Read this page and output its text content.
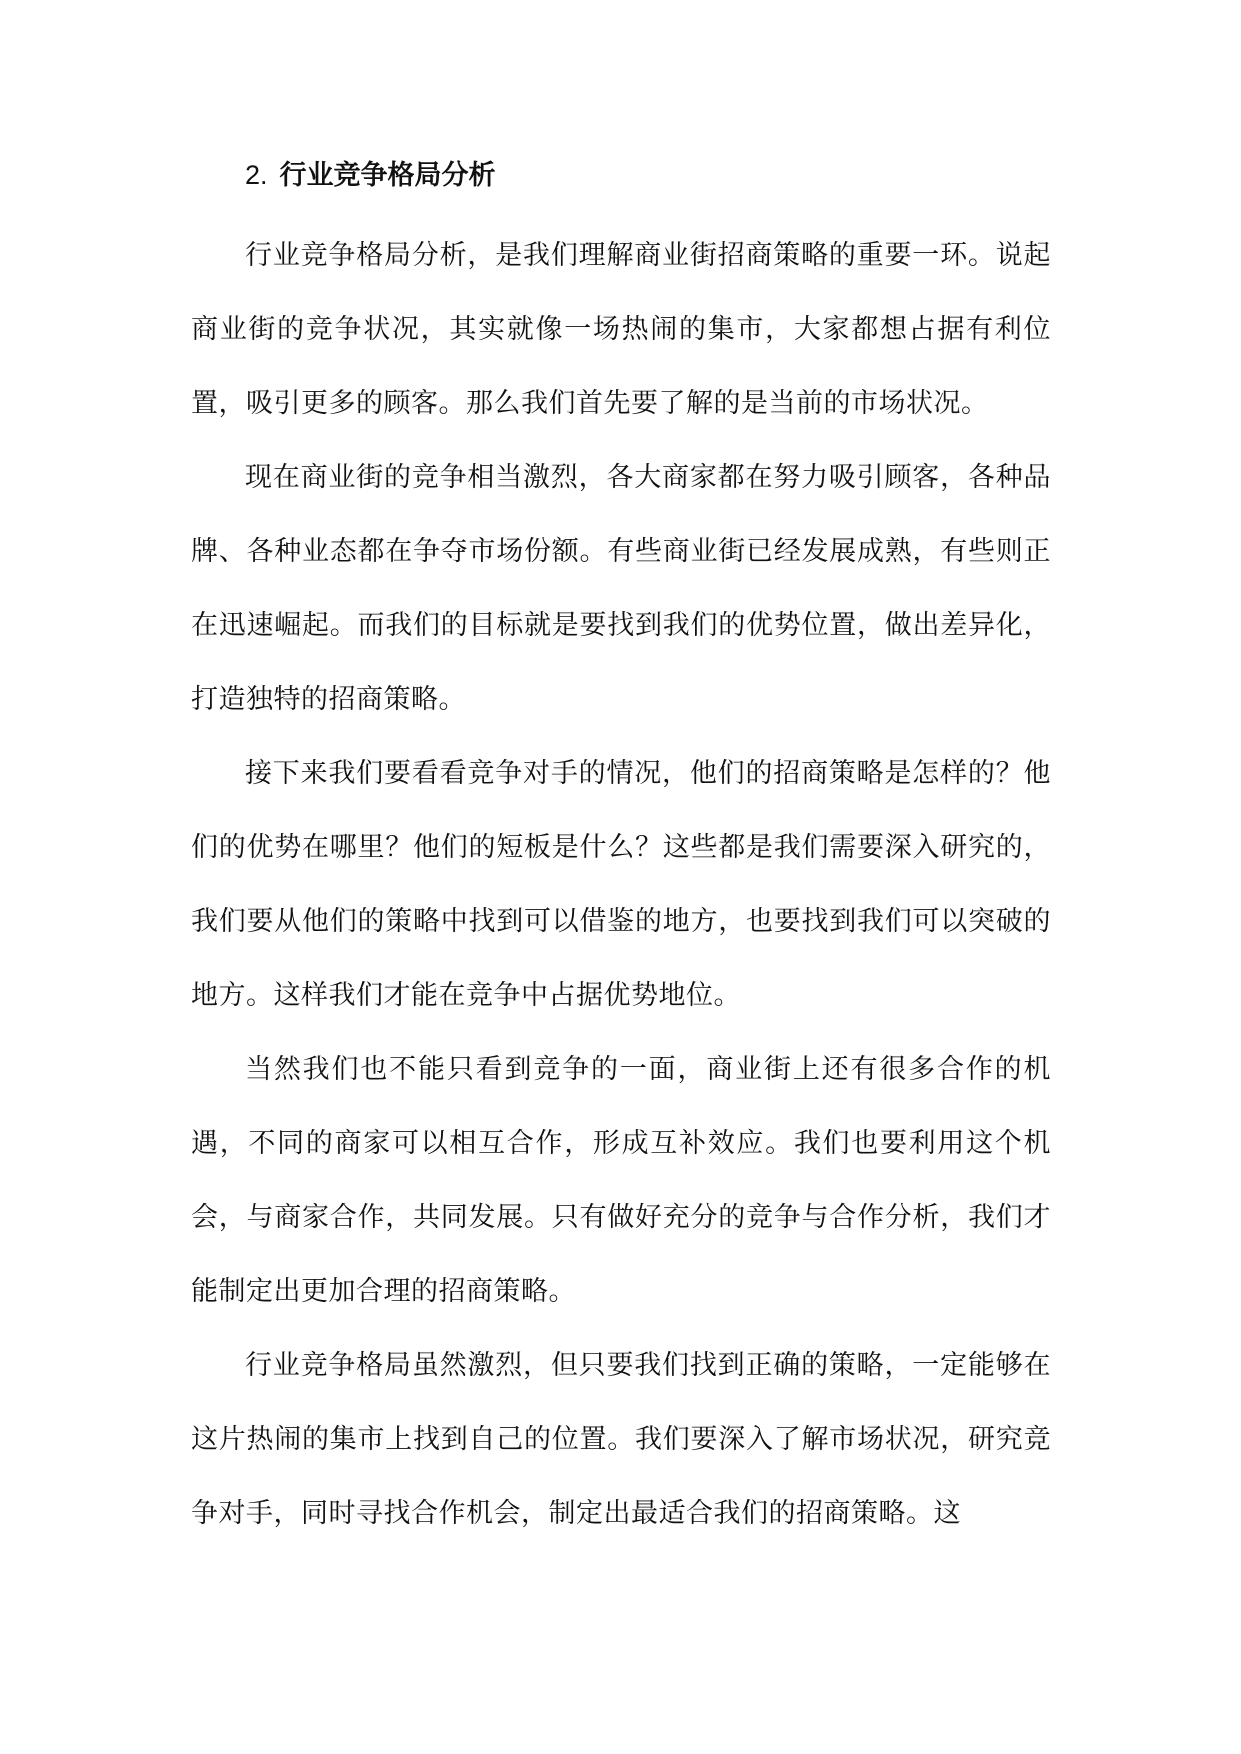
2. 行业竞争格局分析

行业竞争格局分析，是我们理解商业街招商策略的重要一环。说起商业街的竞争状况，其实就像一场热闹的集市，大家都想占据有利位置，吸引更多的顾客。那么我们首先要了解的是当前的市场状况。

现在商业街的竞争相当激烈，各大商家都在努力吸引顾客，各种品牌、各种业态都在争夺市场份额。有些商业街已经发展成熟，有些则正在迅速崛起。而我们的目标就是要找到我们的优势位置，做出差异化，打造独特的招商策略。

接下来我们要看看竞争对手的情况，他们的招商策略是怎样的？他们的优势在哪里？他们的短板是什么？这些都是我们需要深入研究的，我们要从他们的策略中找到可以借鉴的地方，也要找到我们可以突破的地方。这样我们才能在竞争中占据优势地位。

当然我们也不能只看到竞争的一面，商业街上还有很多合作的机遇，不同的商家可以相互合作，形成互补效应。我们也要利用这个机会，与商家合作，共同发展。只有做好充分的竞争与合作分析，我们才能制定出更加合理的招商策略。

行业竞争格局虽然激烈，但只要我们找到正确的策略，一定能够在这片热闹的集市上找到自己的位置。我们要深入了解市场状况，研究竞争对手，同时寻找合作机会，制定出最适合我们的招商策略。这
